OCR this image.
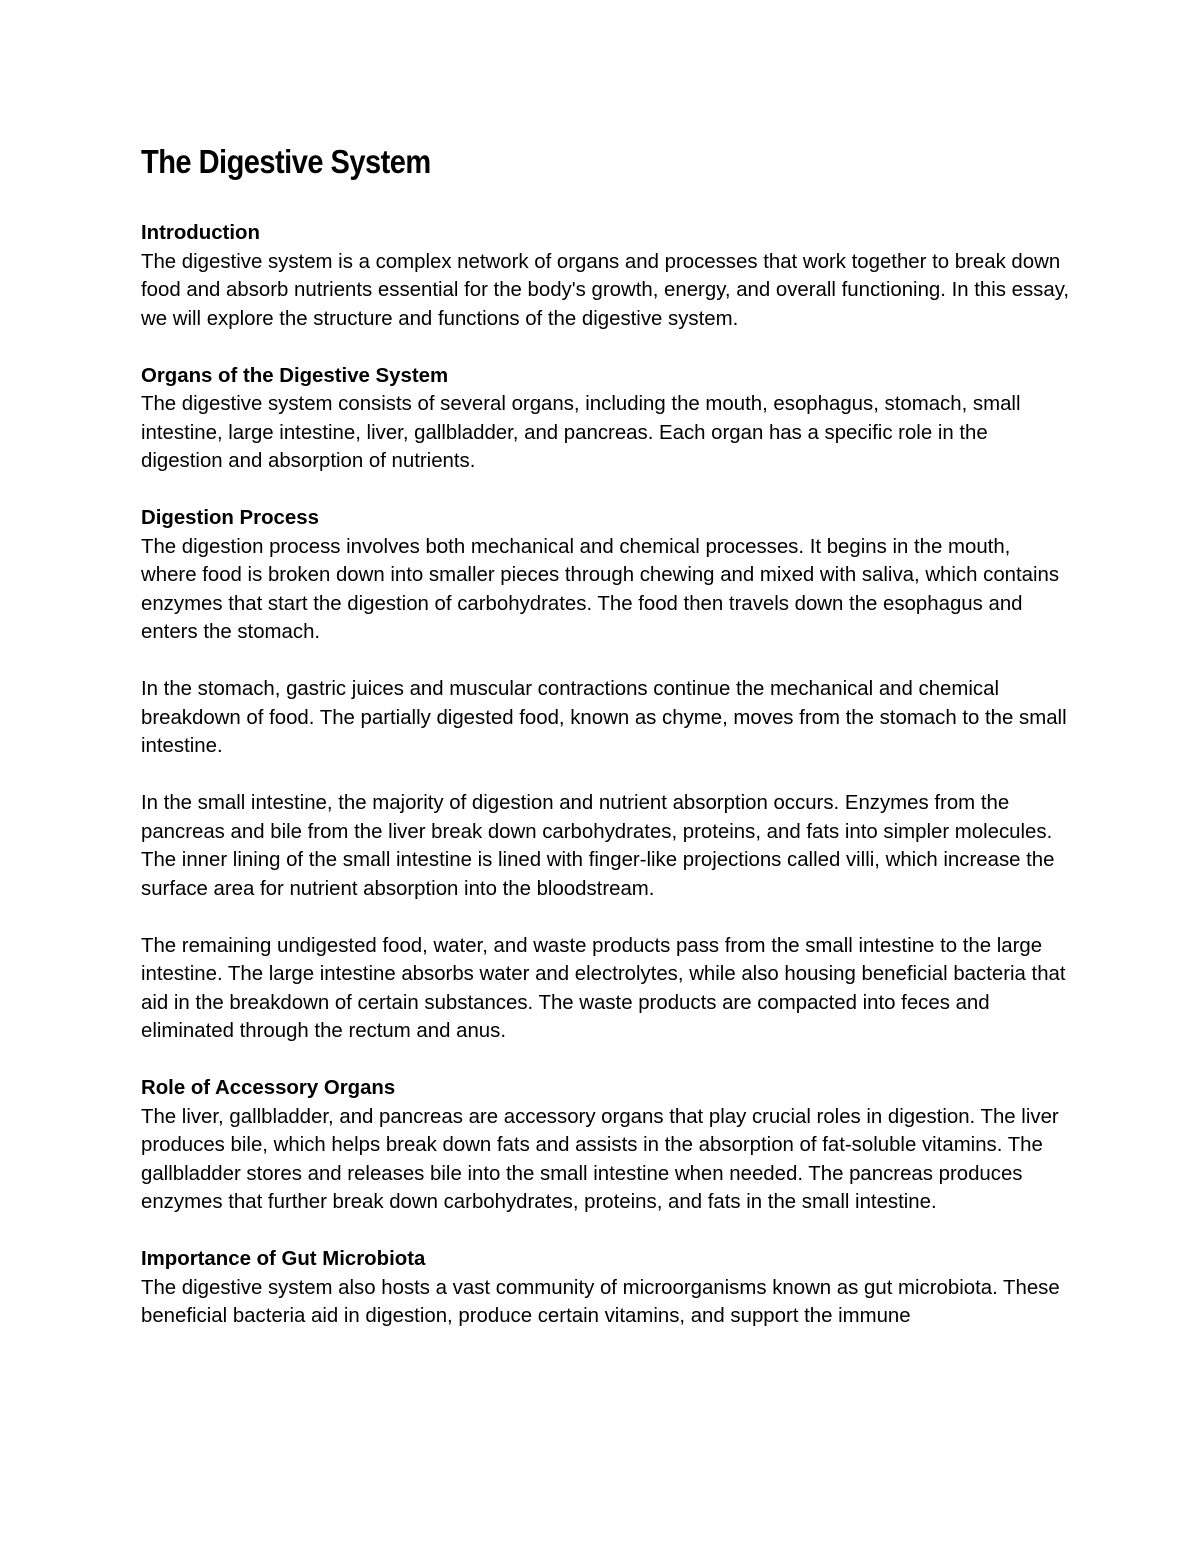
The Digestive System
Introduction
The digestive system is a complex network of organs and processes that work together to break down food and absorb nutrients essential for the body's growth, energy, and overall functioning. In this essay, we will explore the structure and functions of the digestive system.
Organs of the Digestive System
The digestive system consists of several organs, including the mouth, esophagus, stomach, small intestine, large intestine, liver, gallbladder, and pancreas. Each organ has a specific role in the digestion and absorption of nutrients.
Digestion Process
The digestion process involves both mechanical and chemical processes. It begins in the mouth, where food is broken down into smaller pieces through chewing and mixed with saliva, which contains enzymes that start the digestion of carbohydrates. The food then travels down the esophagus and enters the stomach.
In the stomach, gastric juices and muscular contractions continue the mechanical and chemical breakdown of food. The partially digested food, known as chyme, moves from the stomach to the small intestine.
In the small intestine, the majority of digestion and nutrient absorption occurs. Enzymes from the pancreas and bile from the liver break down carbohydrates, proteins, and fats into simpler molecules. The inner lining of the small intestine is lined with finger-like projections called villi, which increase the surface area for nutrient absorption into the bloodstream.
The remaining undigested food, water, and waste products pass from the small intestine to the large intestine. The large intestine absorbs water and electrolytes, while also housing beneficial bacteria that aid in the breakdown of certain substances. The waste products are compacted into feces and eliminated through the rectum and anus.
Role of Accessory Organs
The liver, gallbladder, and pancreas are accessory organs that play crucial roles in digestion. The liver produces bile, which helps break down fats and assists in the absorption of fat-soluble vitamins. The gallbladder stores and releases bile into the small intestine when needed. The pancreas produces enzymes that further break down carbohydrates, proteins, and fats in the small intestine.
Importance of Gut Microbiota
The digestive system also hosts a vast community of microorganisms known as gut microbiota. These beneficial bacteria aid in digestion, produce certain vitamins, and support the immune
